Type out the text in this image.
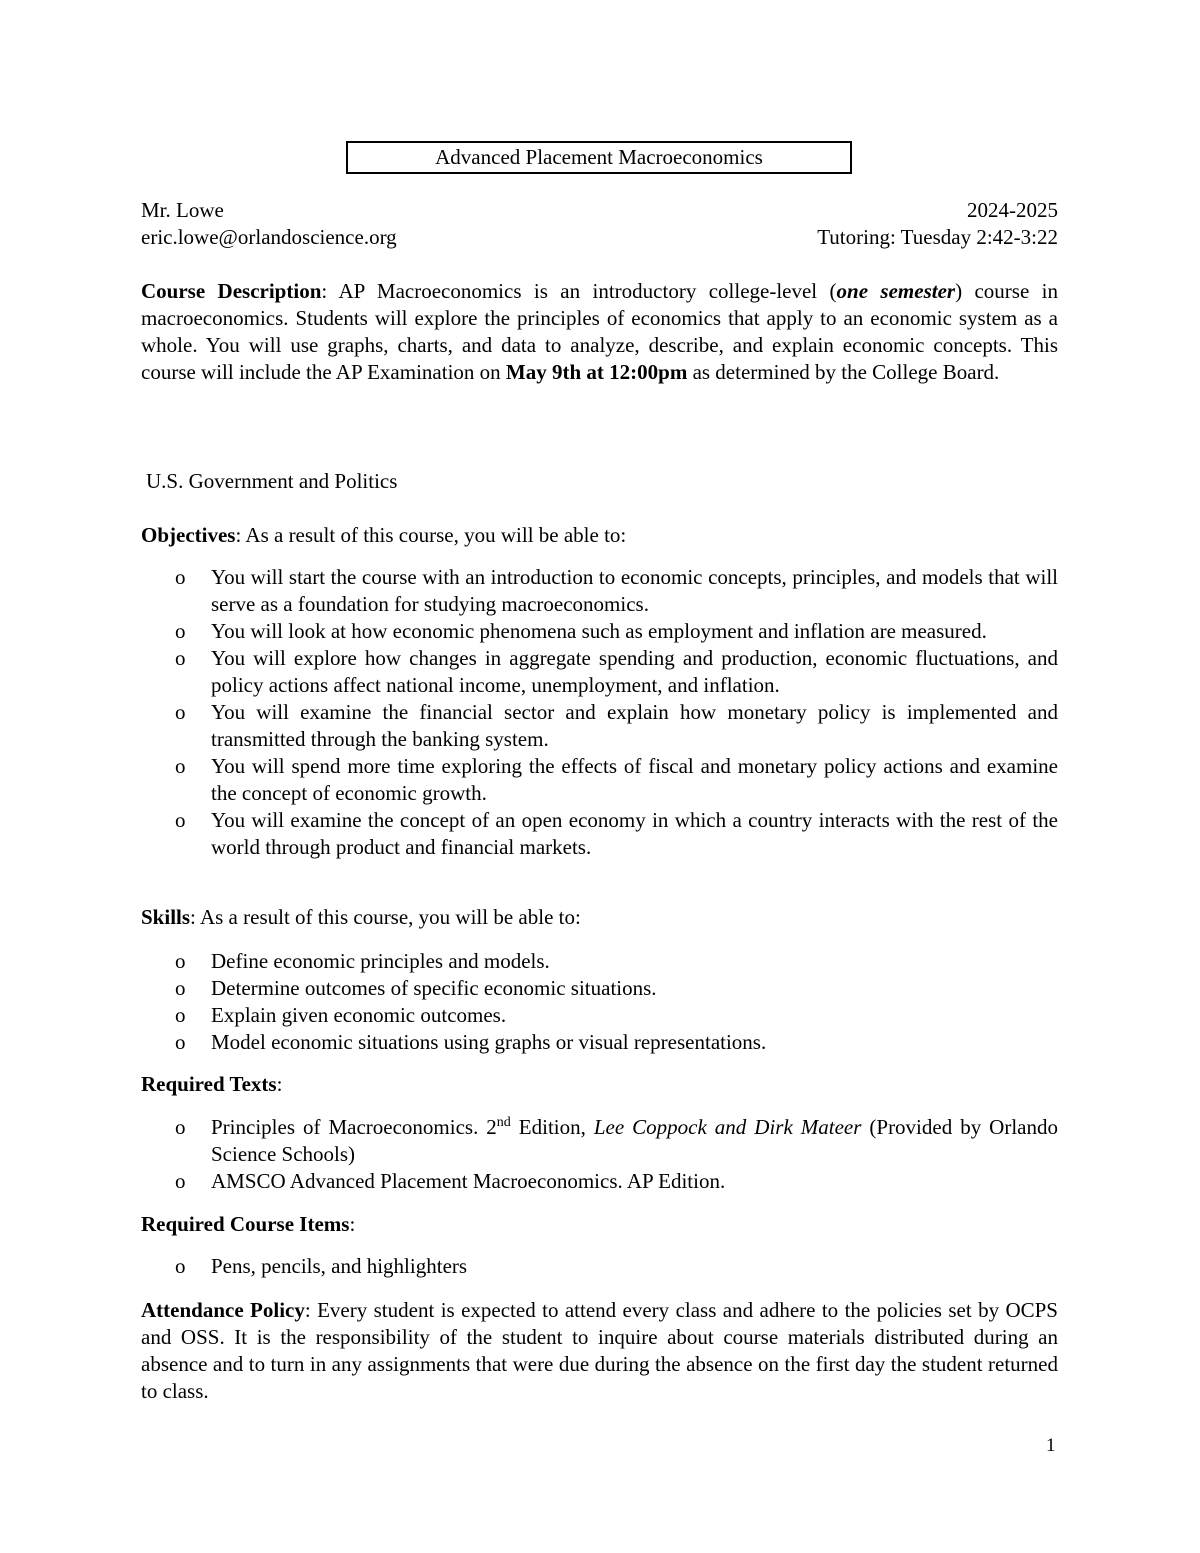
Advanced Placement Macroeconomics
Mr. Lowe	2024-2025
eric.lowe@orlandoscience.org	Tutoring: Tuesday 2:42-3:22
Course Description: AP Macroeconomics is an introductory college-level (one semester) course in macroeconomics. Students will explore the principles of economics that apply to an economic system as a whole. You will use graphs, charts, and data to analyze, describe, and explain economic concepts. This course will include the AP Examination on May 9th at 12:00pm as determined by the College Board.
U.S. Government and Politics
Objectives: As a result of this course, you will be able to:
o You will start the course with an introduction to economic concepts, principles, and models that will serve as a foundation for studying macroeconomics.
o You will look at how economic phenomena such as employment and inflation are measured.
o You will explore how changes in aggregate spending and production, economic fluctuations, and policy actions affect national income, unemployment, and inflation.
o You will examine the financial sector and explain how monetary policy is implemented and transmitted through the banking system.
o You will spend more time exploring the effects of fiscal and monetary policy actions and examine the concept of economic growth.
o You will examine the concept of an open economy in which a country interacts with the rest of the world through product and financial markets.
Skills: As a result of this course, you will be able to:
o Define economic principles and models.
o Determine outcomes of specific economic situations.
o Explain given economic outcomes.
o Model economic situations using graphs or visual representations.
Required Texts:
o Principles of Macroeconomics. 2nd Edition, Lee Coppock and Dirk Mateer (Provided by Orlando Science Schools)
o AMSCO Advanced Placement Macroeconomics. AP Edition.
Required Course Items:
o Pens, pencils, and highlighters
Attendance Policy: Every student is expected to attend every class and adhere to the policies set by OCPS and OSS. It is the responsibility of the student to inquire about course materials distributed during an absence and to turn in any assignments that were due during the absence on the first day the student returned to class.
1
